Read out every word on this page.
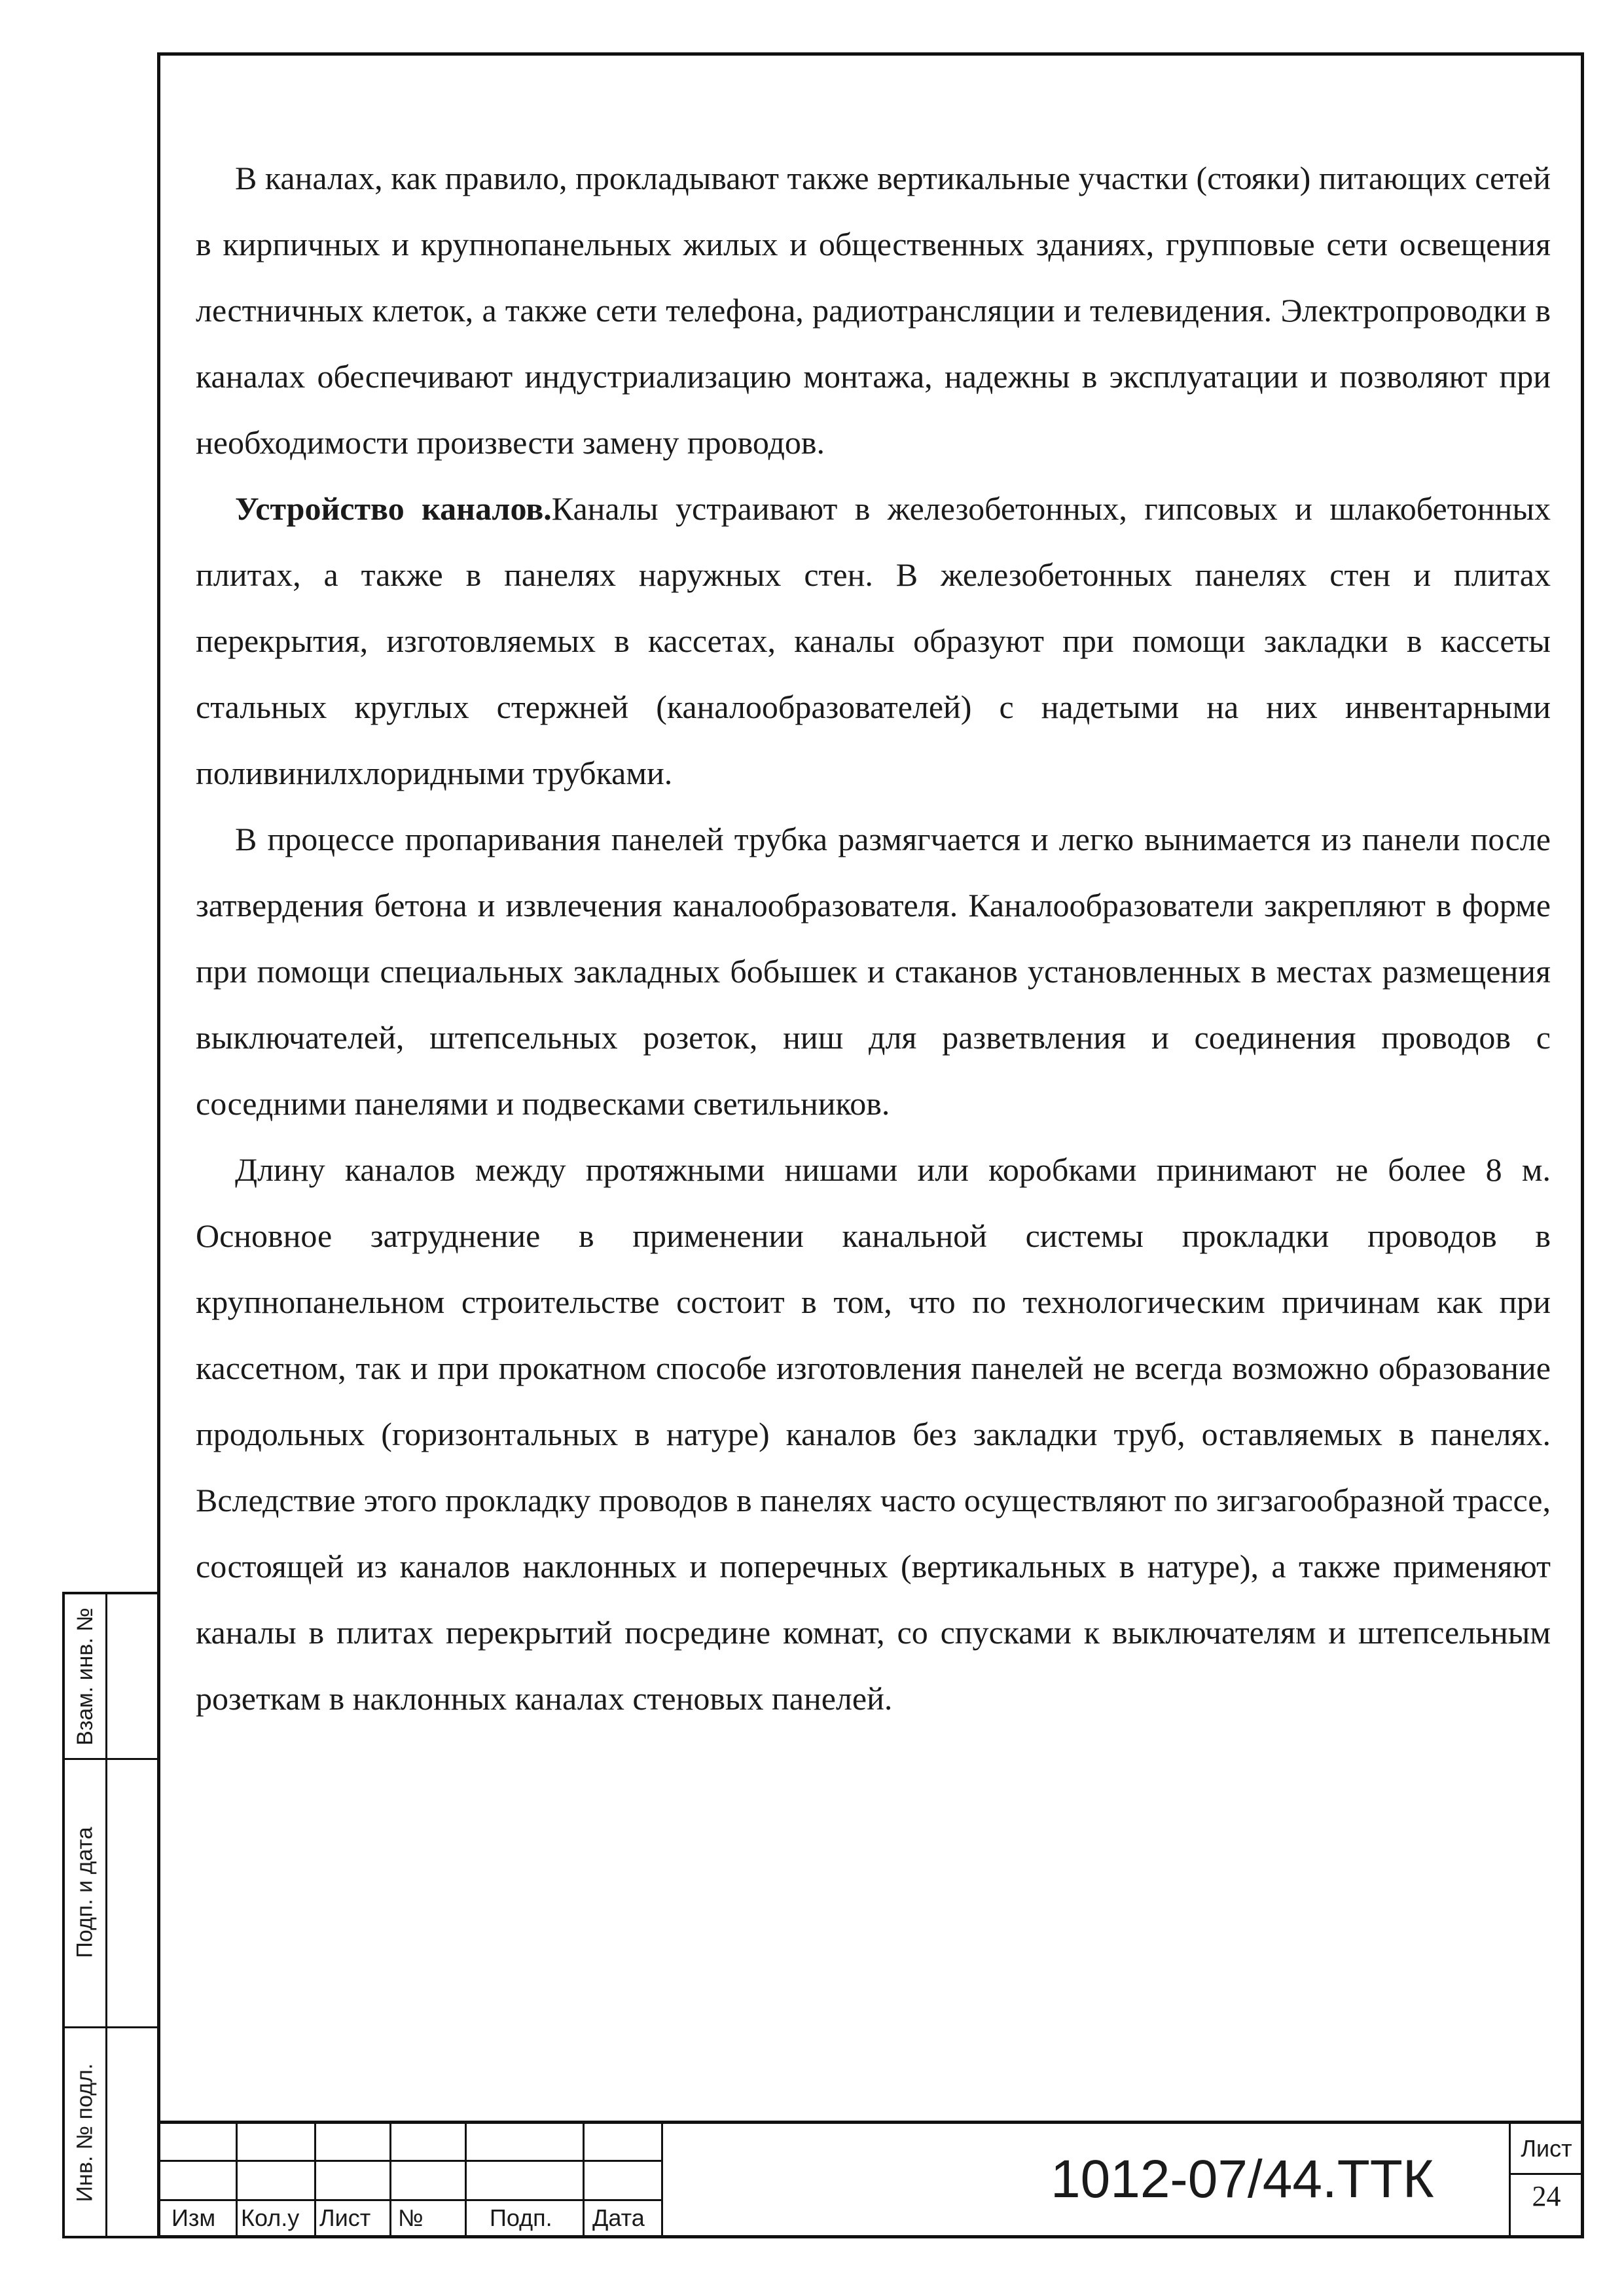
В каналах, как правило, прокладывают также вертикальные участки (стояки) питающих сетей в кирпичных и крупнопанельных жилых и общественных зданиях, групповые сети освещения лестничных клеток, а также сети телефона, радиотрансляции и телевидения. Электропроводки в каналах обеспечивают индустриализацию монтажа, надежны в эксплуатации и позволяют при необходимости произвести замену проводов.

Устройство каналов.Каналы устраивают в железобетонных, гипсовых и шлакобетонных плитах, а также в панелях наружных стен. В железобетонных панелях стен и плитах перекрытия, изготовляемых в кассетах, каналы образуют при помощи закладки в кассеты стальных круглых стержней (каналообразователей) с надетыми на них инвентарными поливинилхлоридными трубками.

В процессе пропаривания панелей трубка размягчается и легко вынимается из панели после затвердения бетона и извлечения каналообразователя. Каналообразователи закрепляют в форме при помощи специальных закладных бобышек и стаканов установленных в местах размещения выключателей, штепсельных розеток, ниш для разветвления и соединения проводов с соседними панелями и подвесками светильников.

Длину каналов между протяжными нишами или коробками принимают не более 8 м. Основное затруднение в применении канальной системы прокладки проводов в крупнопанельном строительстве состоит в том, что по технологическим причинам как при кассетном, так и при прокатном способе изготовления панелей не всегда возможно образование продольных (горизонтальных в натуре) каналов без закладки труб, оставляемых в панелях. Вследствие этого прокладку проводов в панелях часто осуществляют по зигзагообразной трассе, состоящей из каналов наклонных и поперечных (вертикальных в натуре), а также применяют каналы в плитах перекрытий посредине комнат, со спусками к выключателям и штепсельным розеткам в наклонных каналах стеновых панелей.

Взам. инв. №
Подп. и дата
Инв. № подл.
Изм Кол.у Лист №	Подп. Дата
1012-07/44.ТТК
Лист
24
